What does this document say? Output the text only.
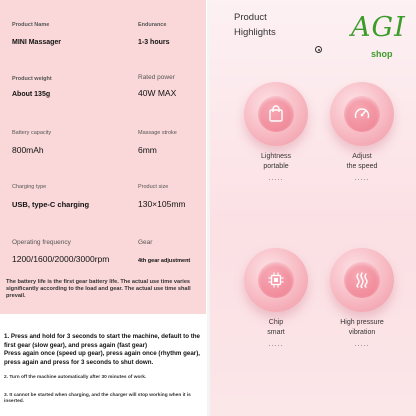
Product Name
MINI Massager
Endurance
1-3 hours
Product weight
About 135g
Rated power
40W MAX
Battery capacity
800mAh
Massage stroke
6mm
Charging type
USB, type-C charging
Product size
130×105mm
Operating frequency
1200/1600/2000/3000rpm
Gear
4th gear adjustment
The battery life is the first gear battery life. The actual use time varies significantly according to the load and gear. The actual use time shall prevail.
Product
Highlights	AGI
shop
Lightness
portable
.....
Adjust
the speed
.....
Chip
smart
.....
High pressure
vibration
.....
1. Press and hold for 3 seconds to start the machine, default to the first gear (slow gear), and press again (fast gear)
Press again once (speed up gear), press again once (rhythm gear), press again and press for 3 seconds to shut down.
2. Turn off the machine automatically after 30 minutes of work.
3. It cannot be started when charging, and the charger will stop working when it is inserted.
